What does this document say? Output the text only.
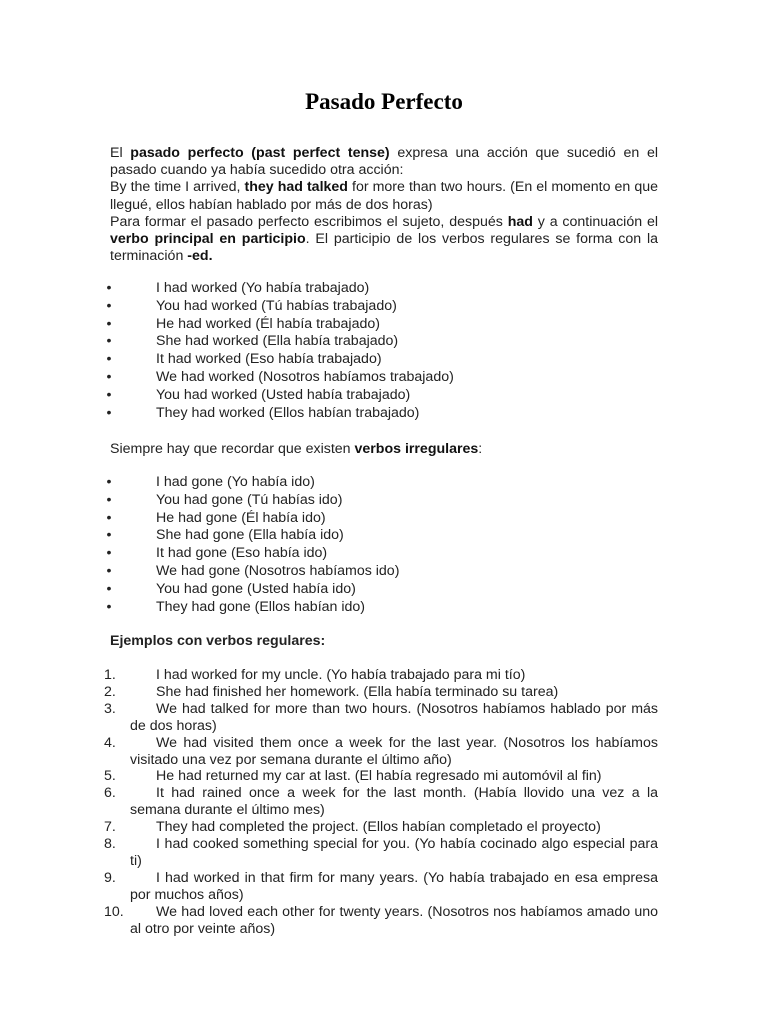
Pasado Perfecto

El pasado perfecto (past perfect tense) expresa una acción que sucedió en el pasado cuando ya había sucedido otra acción:

By the time I arrived, they had talked for more than two hours. (En el momento en que llegué, ellos habían hablado por más de dos horas)

Para formar el pasado perfecto escribimos el sujeto, después had y a continuación el verbo principal en participio. El participio de los verbos regulares se forma con la terminación -ed.

•	I had worked (Yo había trabajado)
•	You had worked (Tú habías trabajado)
•	He had worked (Él había trabajado)
•	She had worked (Ella había trabajado)
•	It had worked (Eso había trabajado)
•	We had worked (Nosotros habíamos trabajado)
•	You had worked (Usted había trabajado)
•	They had worked (Ellos habían trabajado)
Siempre hay que recordar que existen verbos irregulares:
•	I had gone (Yo había ido)
•	You had gone (Tú habías ido)
•	He had gone (Él había ido)
•	She had gone (Ella había ido)
•	It had gone (Eso había ido)
•	We had gone (Nosotros habíamos ido)
•	You had gone (Usted había ido)
•	They had gone (Ellos habían ido)
Ejemplos con verbos regulares:
1.	I had worked for my uncle. (Yo había trabajado para mi tío)
2.	She had finished her homework. (Ella había terminado su tarea)
3.	We had talked for more than two hours. (Nosotros habíamos hablado por más de dos horas)
4.	We had visited them once a week for the last year. (Nosotros los habíamos visitado una vez por semana durante el último año)
5.	He had returned my car at last. (El había regresado mi automóvil al fin)
6.	It had rained once a week for the last month. (Había llovido una vez a la semana durante el último mes)
7.	They had completed the project. (Ellos habían completado el proyecto)
8.	I had cooked something special for you. (Yo había cocinado algo especial para ti)
9.	I had worked in that firm for many years. (Yo había trabajado en esa empresa por muchos años)
10. We had loved each other for twenty years. (Nosotros nos habíamos amado uno al otro por veinte años)
